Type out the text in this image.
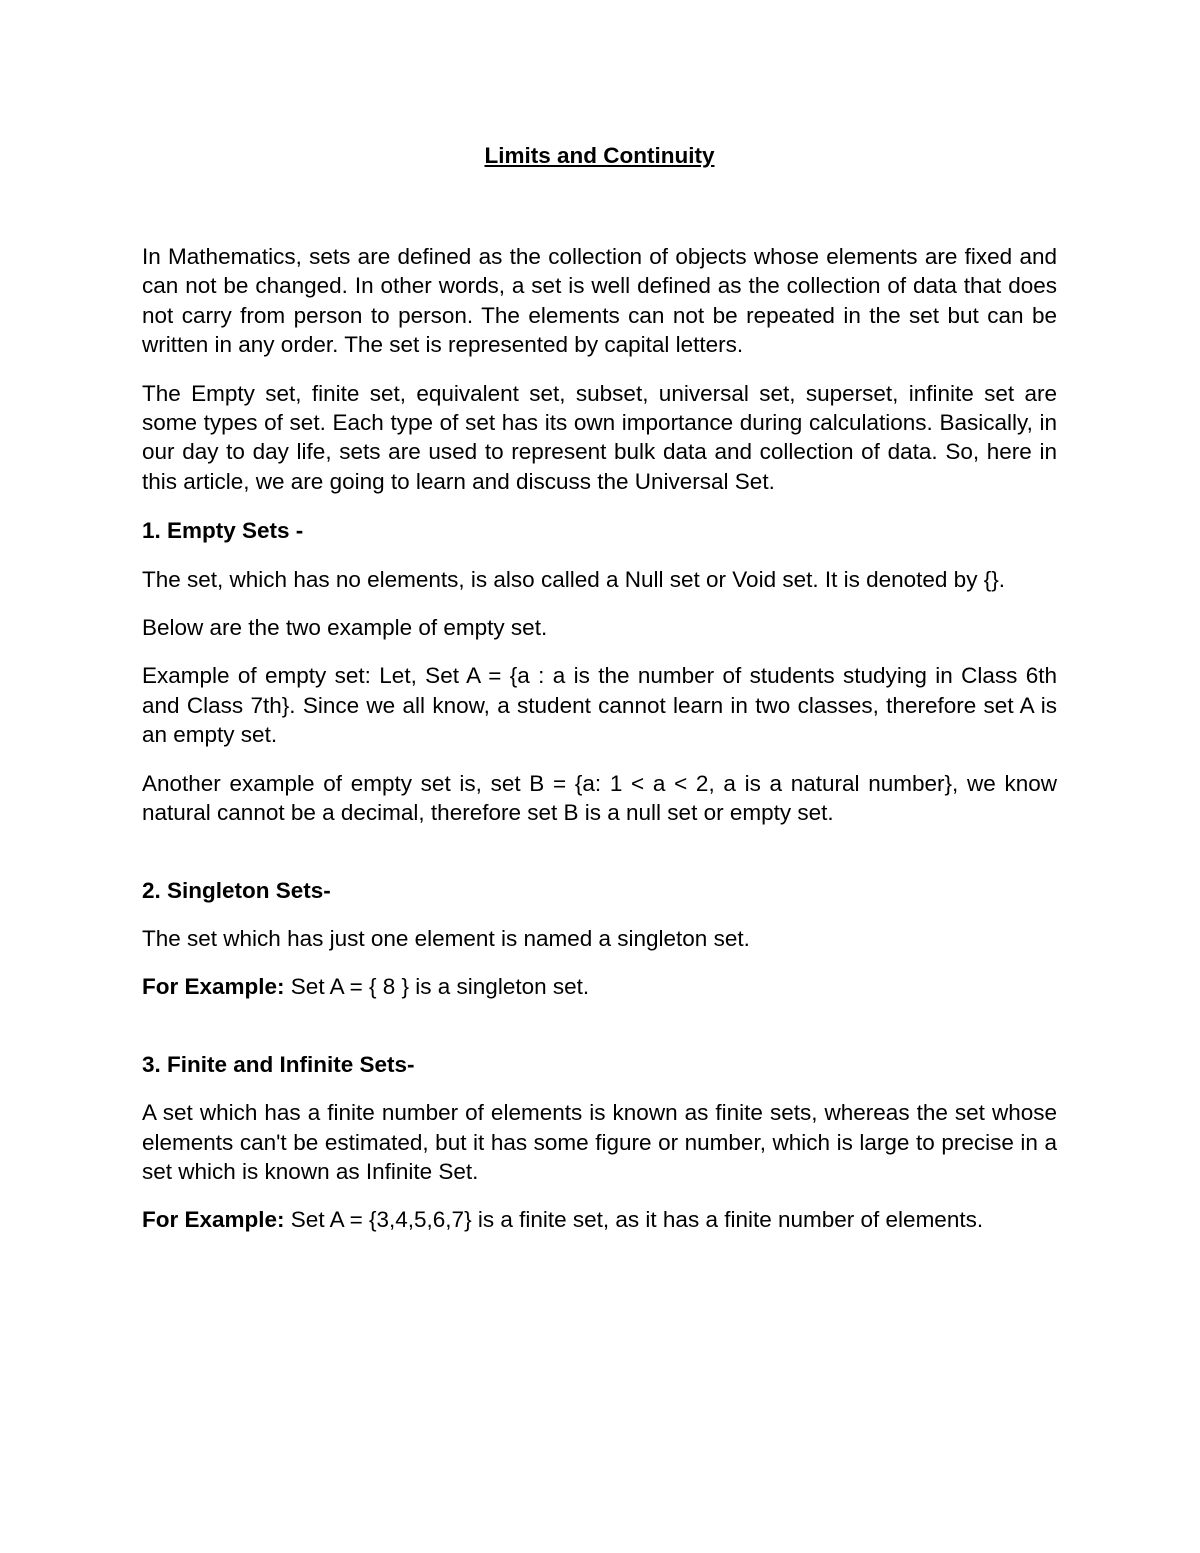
Limits and Continuity

In Mathematics, sets are defined as the collection of objects whose elements are fixed and can not be changed. In other words, a set is well defined as the collection of data that does not carry from person to person. The elements can not be repeated in the set but can be written in any order. The set is represented by capital letters.

The Empty set, finite set, equivalent set, subset, universal set, superset, infinite set are some types of set. Each type of set has its own importance during calculations. Basically, in our day to day life, sets are used to represent bulk data and collection of data. So, here in this article, we are going to learn and discuss the Universal Set.

1. Empty Sets -

The set, which has no elements, is also called a Null set or Void set. It is denoted by {}.

Below are the two example of empty set.

Example of empty set: Let, Set A = {a : a is the number of students studying in Class 6th and Class 7th}. Since we all know, a student cannot learn in two classes, therefore set A is an empty set.

Another example of empty set is, set B = {a: 1 < a < 2, a is a natural number}, we know natural cannot be a decimal, therefore set B is a null set or empty set.

2. Singleton Sets-

The set which has just one element is named a singleton set.

For Example: Set A = { 8 } is a singleton set.

3. Finite and Infinite Sets-

A set which has a finite number of elements is known as finite sets, whereas the set whose elements can't be estimated, but it has some figure or number, which is large to precise in a set which is known as Infinite Set.

For Example: Set A = {3,4,5,6,7} is a finite set, as it has a finite number of elements.
